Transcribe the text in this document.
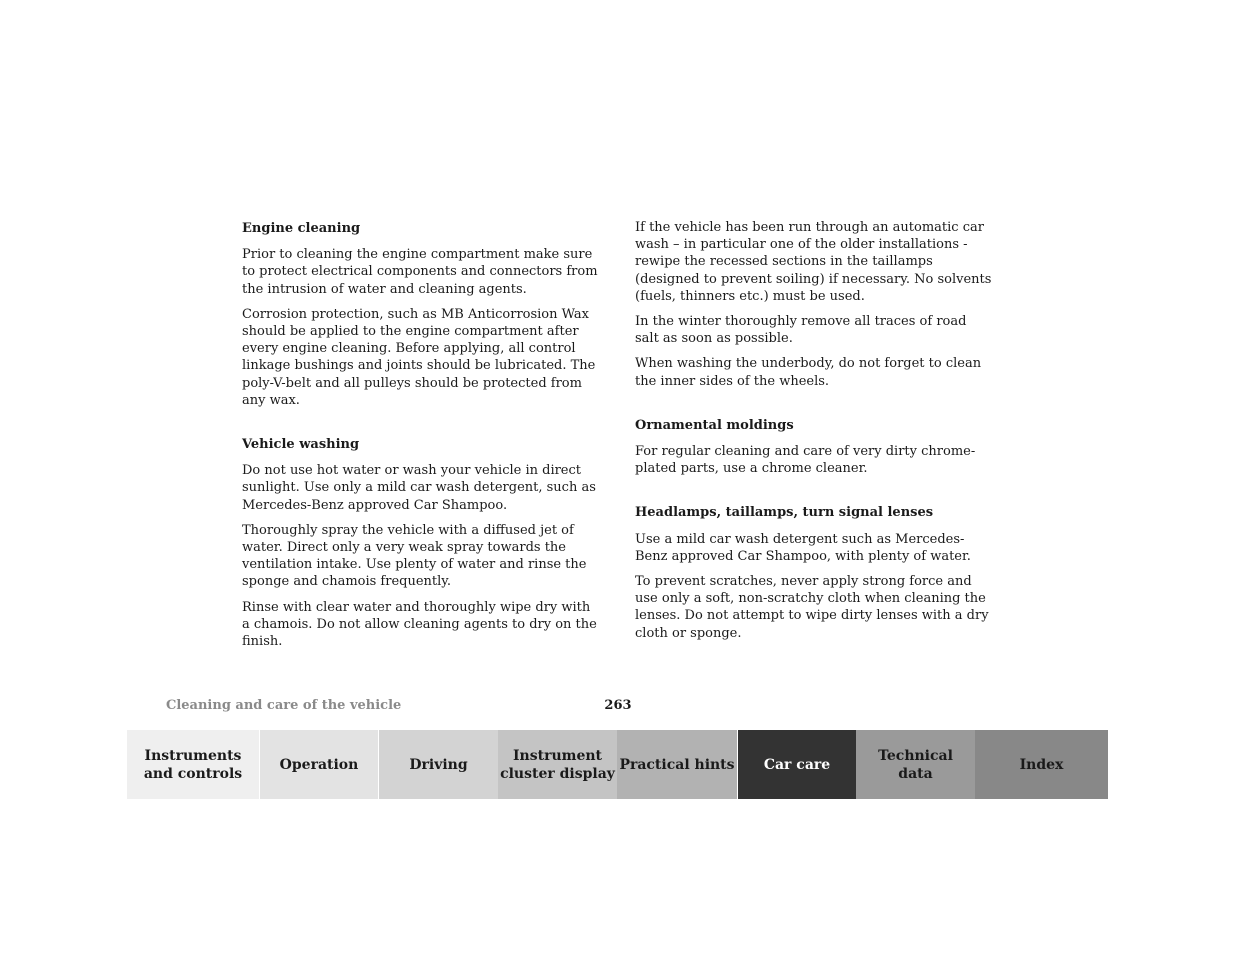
Engine cleaning
Prior to cleaning the engine compartment make sure to protect electrical components and connectors from the intrusion of water and cleaning agents.
Corrosion protection, such as MB Anticorrosion Wax should be applied to the engine compartment after every engine cleaning. Before applying, all control linkage bushings and joints should be lubricated. The poly-V-belt and all pulleys should be protected from any wax.
Vehicle washing
Do not use hot water or wash your vehicle in direct sunlight. Use only a mild car wash detergent, such as Mercedes-Benz approved Car Shampoo.
Thoroughly spray the vehicle with a diffused jet of water. Direct only a very weak spray towards the ventilation intake. Use plenty of water and rinse the sponge and chamois frequently.
Rinse with clear water and thoroughly wipe dry with a chamois. Do not allow cleaning agents to dry on the finish.
If the vehicle has been run through an automatic car wash – in particular one of the older installations - rewipe the recessed sections in the taillamps (designed to prevent soiling) if necessary. No solvents (fuels, thinners etc.) must be used.
In the winter thoroughly remove all traces of road salt as soon as possible.
When washing the underbody, do not forget to clean the inner sides of the wheels.
Ornamental moldings
For regular cleaning and care of very dirty chrome-plated parts, use a chrome cleaner.
Headlamps, taillamps, turn signal lenses
Use a mild car wash detergent such as Mercedes-Benz approved Car Shampoo, with plenty of water.
To prevent scratches, never apply strong force and use only a soft, non-scratchy cloth when cleaning the lenses. Do not attempt to wipe dirty lenses with a dry cloth or sponge.
Cleaning and care of the vehicle	263
Instruments
and controls
Operation	Driving
Instrument
cluster display
Practical hints Car care
Technical
data
Index
